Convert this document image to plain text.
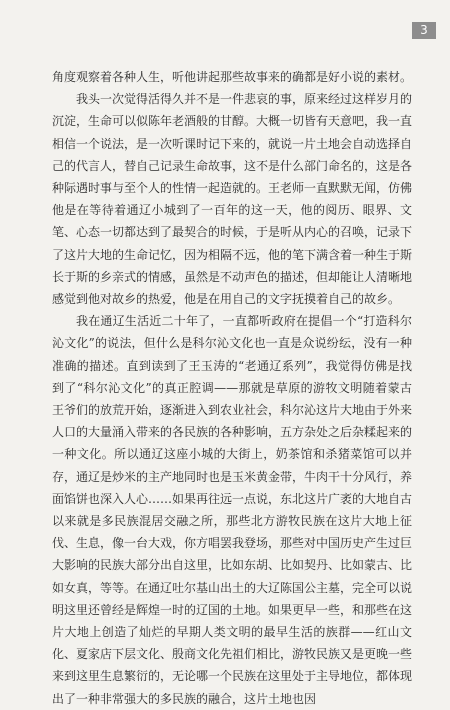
3

角度观察着各种人生，听他讲起那些故事来的确都是好小说的素材。

我头一次觉得活得久并不是一件悲哀的事，原来经过这样岁月的沉淀，生命可以似陈年老酒般的甘醇。大概一切皆有天意吧，我一直相信一个说法，是一次听课时记下来的，就说一片土地会自动选择自己的代言人，替自己记录生命故事，这不是什么部门命名的，这是各种际遇时事与至个人的性情一起造就的。王老师一直默默无闻，仿佛他是在等待着通辽小城到了一百年的这一天，他的阅历、眼界、文笔、心态一切都达到了最契合的时候，于是听从内心的召唤，记录下了这片大地的生命记忆，因为相隔不远，他的笔下满含着一种生于斯长于斯的乡亲式的情感，虽然是不动声色的描述，但却能让人清晰地感觉到他对故乡的热爱，他是在用自己的文字抚摸着自己的故乡。

我在通辽生活近二十年了，一直都听政府在提倡一个“打造科尔沁文化”的说法，但什么是科尔沁文化也一直是众说纷纭，没有一种准确的描述。直到读到了王玉涛的“老通辽系列”，我觉得仿佛是找到了“科尔沁文化”的真正腔调——那就是草原的游牧文明随着蒙古王爷们的放荒开始，逐渐进入到农业社会，科尔沁这片大地由于外来人口的大量涌入带来的各民族的各种影响，五方杂处之后杂糅起来的一种文化。所以通辽这座小城的大街上，奶茶馆和杀猪菜馆可以并存，通辽是炒米的主产地同时也是玉米黄金带，牛肉干十分风行，养面馅饼也深入人心……如果再往远一点说，东北这片广袤的大地自古以来就是多民族混居交融之所，那些北方游牧民族在这片大地上征伐、生息，像一台大戏，你方唱罢我登场，那些对中国历史产生过巨大影响的民族大部分出自这里，比如东胡、比如契丹、比如蒙古、比如女真，等等。在通辽吐尔基山出土的大辽陈国公主墓，完全可以说明这里还曾经是辉煌一时的辽国的土地。如果更早一些，和那些在这片大地上创造了灿烂的早期人类文明的最早生活的族群——红山文化、夏家店下层文化、殷商文化先祖们相比，游牧民族又是更晚一些来到这里生息繁衍的，无论哪一个民族在这里处于主导地位，都体现出了一种非常强大的多民族的融合，这片土地也因
